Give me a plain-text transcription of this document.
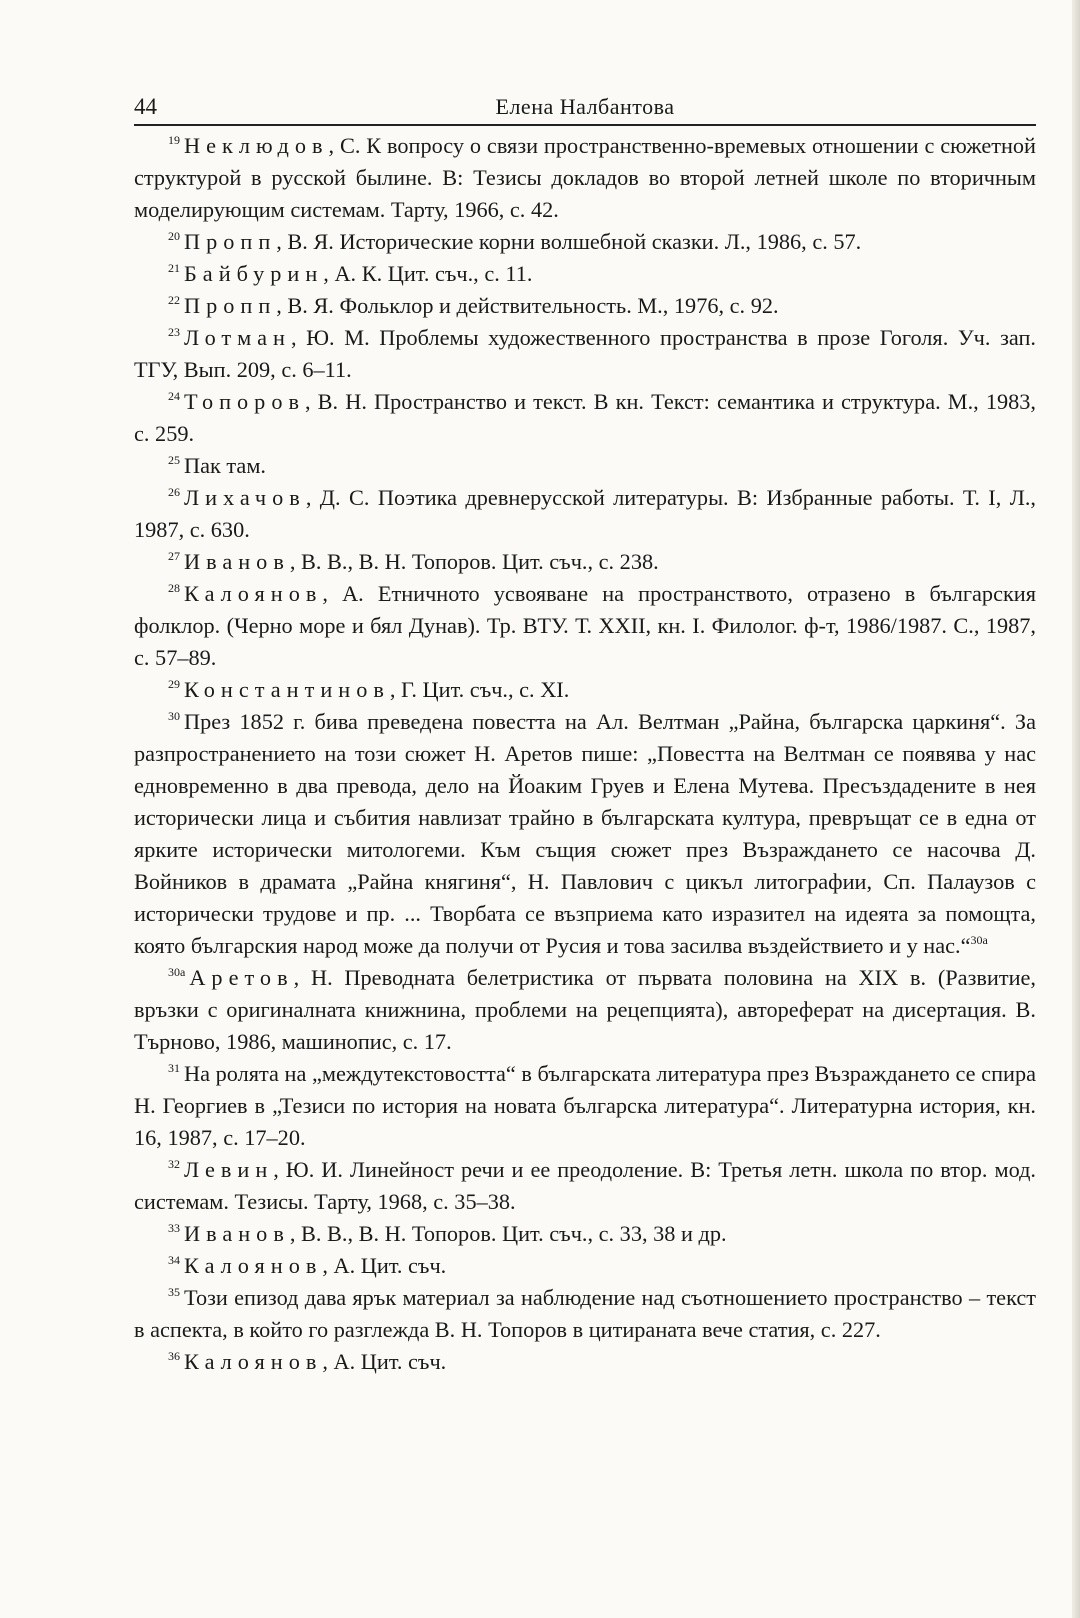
44	Елена Налбантова

$^{19}$ Неклюдов, С. К вопросу о связи пространственно-времевых отношении с сюжетной структурой в русской былине. В: Тезисы докладов во второй летней школе по вторичным моделирующим системам. Тарту, 1966, с. 42.

$^{20}$ Пропп, В. Я. Исторические корни волшебной сказки. Л., 1986, с. 57.

$^{21}$ Байбурин, А. К. Цит. съч., с. 11.

$^{22}$ Пропп, В. Я. Фольклор и действительность. М., 1976, с. 92.

$^{23}$ Лотман, Ю. М. Проблемы художественного пространства в прозе Гоголя. Уч. зап. ТГУ, Вып. 209, с. 6–11.

$^{24}$ Топоров, В. Н. Пространство и текст. В кн. Текст: семантика и структура. М., 1983, с. 259.

$^{25}$ Пак там.

$^{26}$ Лихачов, Д. С. Поэтика древнерусской литературы. В: Избранные работы. Т. I, Л., 1987, с. 630.

$^{27}$ Иванов, В. В., В. Н. Топоров. Цит. съч., с. 238.

$^{28}$ Калоянов, А. Етничното усвояване на пространството, отразено в българския фолклор. (Черно море и бял Дунав). Тр. ВТУ. Т. XXII, кн. I. Филолог. ф-т, 1986/1987. С., 1987, с. 57–89.

$^{29}$ Константинов, Г. Цит. съч., с. XI.

$^{30}$ През 1852 г. бива преведена повестта на Ал. Велтман „Райна, българска царкиня“. За разпространението на този сюжет Н. Аретов пише: „Повестта на Велтман се появява у нас едновременно в два превода, дело на Йоаким Груев и Елена Мутева. Пресъздадените в нея исторически лица и събития навлизат трайно в българската култура, превръщат се в една от ярките исторически митологеми. Към същия сюжет през Възраждането се насочва Д. Войников в драмата „Райна княгиня“, Н. Павлович с цикъл литографии, Сп. Палаузов с исторически трудове и пр. ... Творбата се възприема като изразител на идеята за помощта, която българския народ може да получи от Русия и това засилва въздействието и у нас.“$^{30а}$

$^{30а}$ Аретов, Н. Преводната белетристика от първата половина на XIX в. (Развитие, връзки с оригиналната книжнина, проблеми на рецепцията), автореферат на дисертация. В. Търново, 1986, машинопис, с. 17.

$^{31}$ На ролята на „междутекстовостта“ в българската литература през Възраждането се спира Н. Георгиев в „Тезиси по история на новата българска литература“. Литературна история, кн. 16, 1987, с. 17–20.

$^{32}$ Левин, Ю. И. Линейност речи и ее преодоление. В: Третья летн. школа по втор. мод. системам. Тезисы. Тарту, 1968, с. 35–38.

$^{33}$ Иванов, В. В., В. Н. Топоров. Цит. съч., с. 33, 38 и др.

$^{34}$ Калоянов, А. Цит. съч.

$^{35}$ Този епизод дава ярък материал за наблюдение над съотношението пространство – текст в аспекта, в който го разглежда В. Н. Топоров в цитираната вече статия, с. 227.

$^{36}$ Калоянов, А. Цит. съч.
